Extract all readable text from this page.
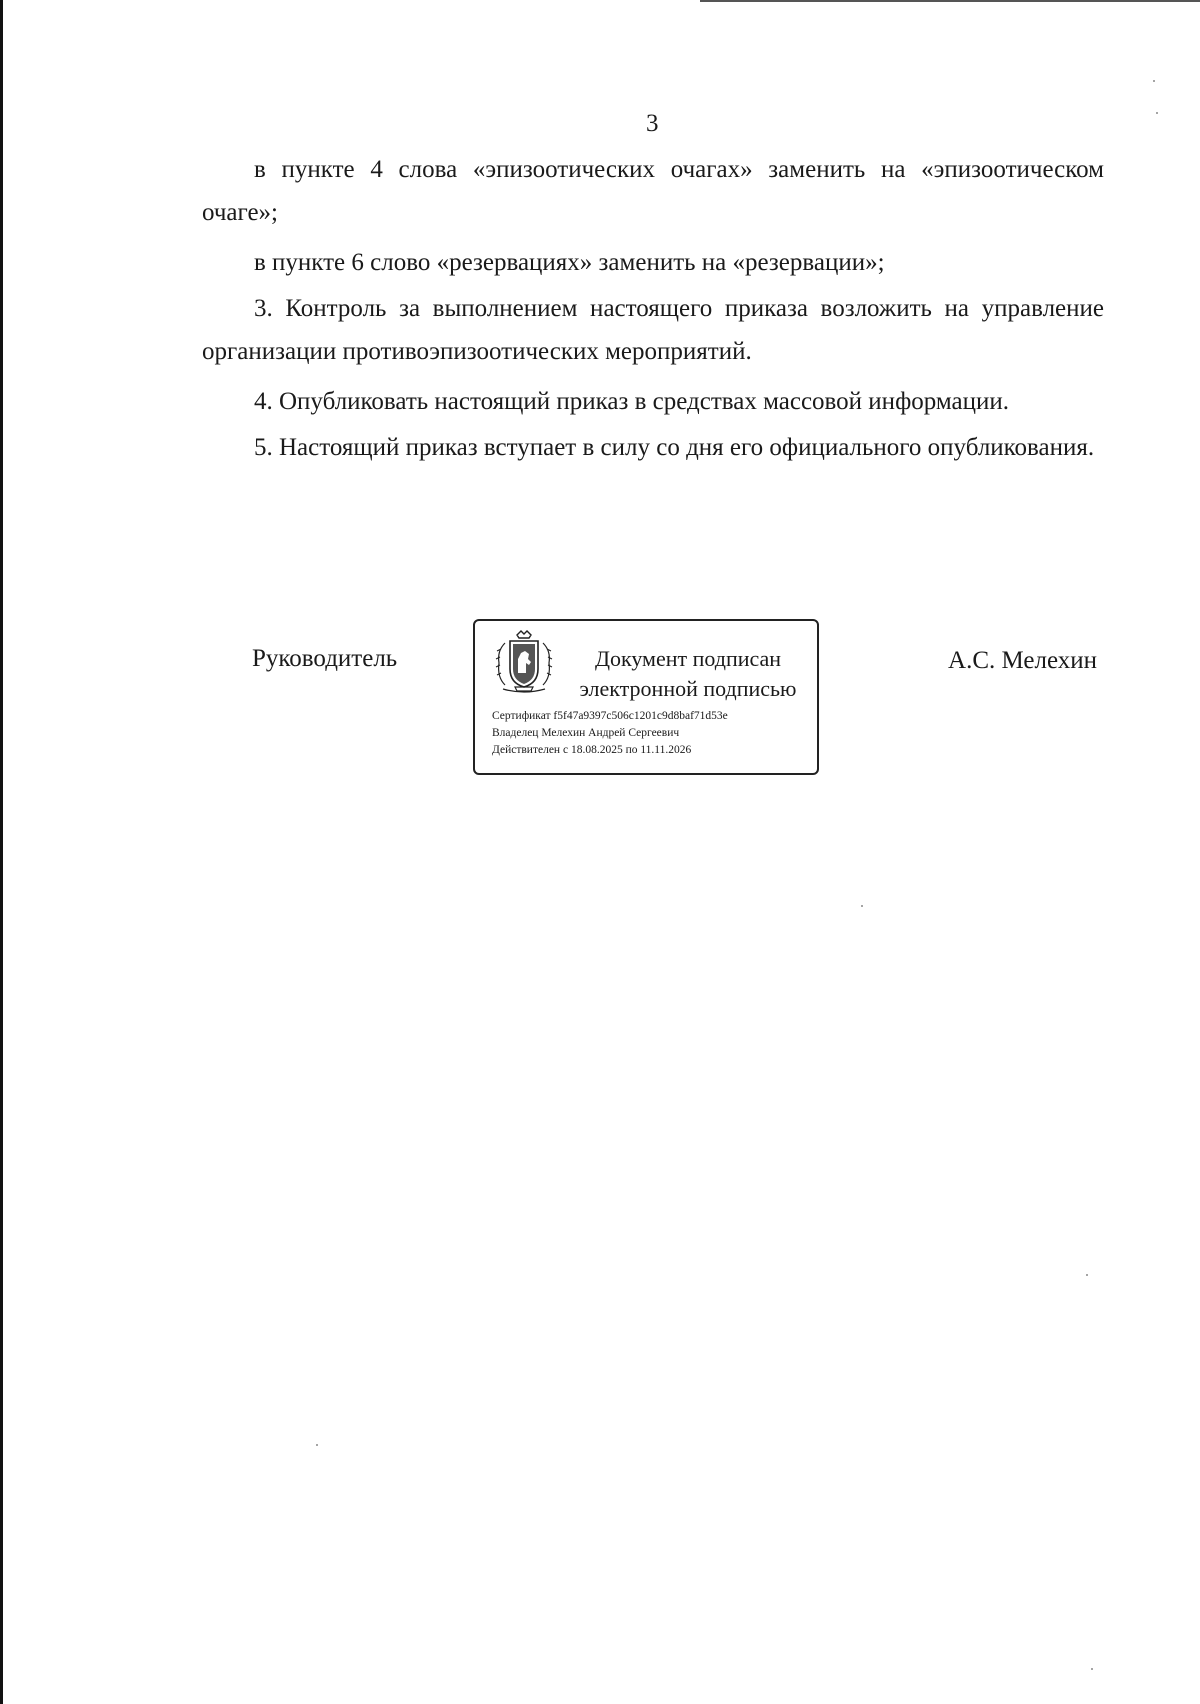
3

в пункте 4 слова «эпизоотических очагах» заменить на «эпизоотическом очаге»;

в пункте 6 слово «резервациях» заменить на «резервации»;

3. Контроль за выполнением настоящего приказа возложить на управление организации противоэпизоотических мероприятий.

4. Опубликовать настоящий приказ в средствах массовой информации.

5. Настоящий приказ вступает в силу со дня его официального опубликования.

Руководитель	Документ подписан
электронной подписью
Сертификат f5f47a9397c506c1201c9d8baf71d53e
Владелец Мелехин Андрей Сергеевич
Действителен с 18.08.2025 по 11.11.2026
А.С. Мелехин
